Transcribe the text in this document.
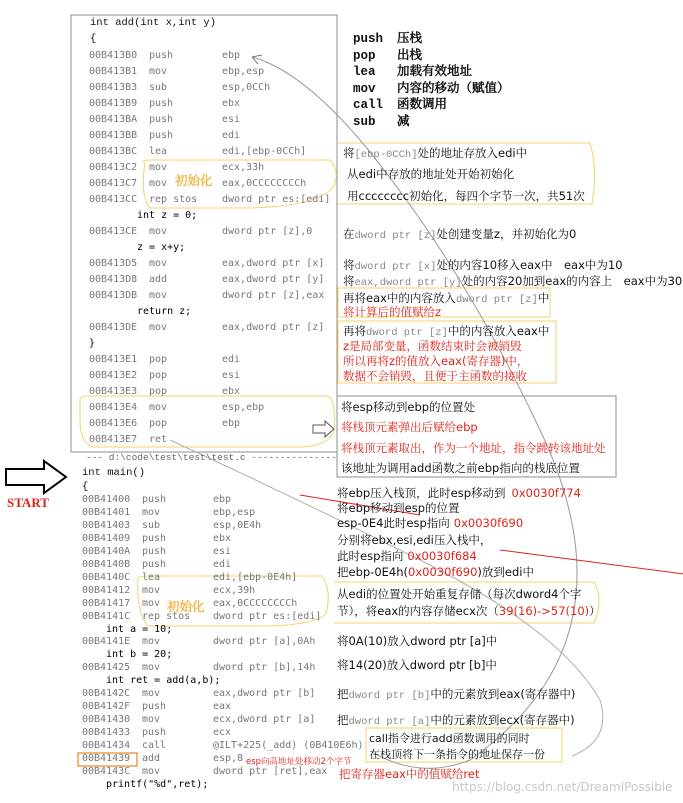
int add(int x,int y)
{
00B413B0 push	ebp
00B413B1 mov	ebp,esp
00B413B3 sub	esp,0CCh
00B413B9 push	ebx
00B413BA push	esi
00B413BB push	edi
00B413BC lea	edi,[ebp-0CCh]
00B413C2 mov	ecx,33h
00B413C7 mov	eax,0CCCCCCCCh
00B413CC rep stos dword ptr es:[edi]
int z = 0;
00B413CE mov	dword ptr [z],0
z = x+y;
00B413D5 mov	eax,dword ptr [x]
00B413D8 add	eax,dword ptr [y]
00B413DB mov	dword ptr [z],eax
return z;
00B413DE mov	eax,dword ptr [z]
}
00B413E1 pop	edi
00B413E2 pop	esi
00B413E3 pop	ebx
00B413E4 mov	esp,ebp
00B413E6 pop	ebp
00B413E7 ret
初始化
--- d:\code\test\test\test.c ---------------
START
int main()
{
00B41400 push	ebp
00B41401 mov	ebp,esp
00B41403 sub	esp,0E4h
00B41409 push	ebx
00B4140A push	esi
00B4140B push	edi
00B4140C lea	edi,[ebp-0E4h]
00B41412 mov	ecx,39h
00B41417 mov	eax,0CCCCCCCCh
00B4141C rep stos dword ptr es:[edi]
int a = 10;
00B4141E mov	dword ptr [a],0Ah
int b = 20;
00B41425 mov	dword ptr [b],14h
int ret = add(a,b);
00B4142C mov	eax,dword ptr [b]
00B4142F push	eax
00B41430 mov	ecx,dword ptr [a]
00B41433 push	ecx
00B41434 call	@ILT+225(_add) (0B410E6h)
00B41439 add	esp,8
00B4143C mov	dword ptr [ret],eax
printf("%d",ret);
初始化
esp向高地址处移动2个字节
push 压栈
pop 出栈
lea 加载有效地址
mov 内容的移动（赋值）
call 函数调用
sub 减
将[ebp-0CCh]处的地址存放入edi中
从edi中存放的地址处开始初始化
用cccccccc初始化，每四个字节一次，共51次
在dword ptr [z]处创建变量z，并初始化为0
将dword ptr [x]处的内容10移入eax中　eax中为10
将eax,dword ptr [y]处的内容20加到eax的内容上　eax中为30
再将eax中的内容放入dword ptr [z]中
将计算后的值赋给z
再将dword ptr [z]中的内容放入eax中
z是局部变量，函数结束时会被销毁
所以再将z的值放入eax(寄存器)中，
数据不会销毁，且便于主函数的接收
将esp移动到ebp的位置处
将栈顶元素弹出后赋给ebp
将栈顶元素取出，作为一个地址，指令跳转该地址处
该地址为调用add函数之前ebp指向的栈底位置
将ebp压入栈顶，此时esp移动到 0x0030f774
将ebp移动到esp的位置
esp-0E4此时esp指向 0x0030f690
分别将ebx,esi,edi压入栈中，
此时esp指向 0x0030f684
把ebp-0E4h(0x0030f690)放到edi中
从edi的位置处开始重复存储（每次dword4个字
节），将eax的内容存储ecx次（39(16)->57(10)）
将0A(10)放入dword ptr [a]中
将14(20)放入dword ptr [b]中
把dword ptr [b]中的元素放到eax(寄存器中)
把dword ptr [a]中的元素放到ecx(寄存器中)
call指令进行add函数调用的同时
在栈顶将下一条指令的地址保存一份
把寄存器eax中的值赋给ret
https://blog.csdn.net/DreamIPossible
